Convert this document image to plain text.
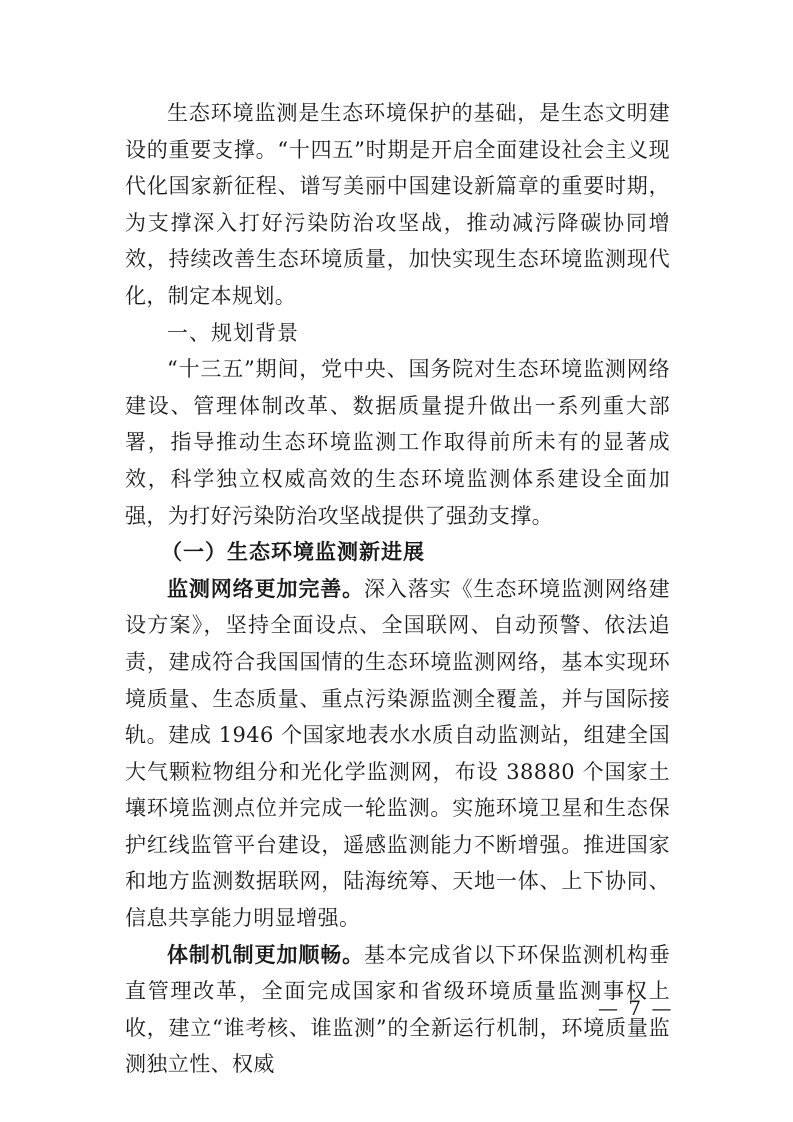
生态环境监测是生态环境保护的基础，是生态文明建设的重要支撑。“十四五”时期是开启全面建设社会主义现代化国家新征程、谱写美丽中国建设新篇章的重要时期，为支撑深入打好污染防治攻坚战，推动减污降碳协同增效，持续改善生态环境质量，加快实现生态环境监测现代化，制定本规划。

一、规划背景

“十三五”期间，党中央、国务院对生态环境监测网络建设、管理体制改革、数据质量提升做出一系列重大部署，指导推动生态环境监测工作取得前所未有的显著成效，科学独立权威高效的生态环境监测体系建设全面加强，为打好污染防治攻坚战提供了强劲支撑。

（一）生态环境监测新进展

监测网络更加完善。深入落实《生态环境监测网络建设方案》，坚持全面设点、全国联网、自动预警、依法追责，建成符合我国国情的生态环境监测网络，基本实现环境质量、生态质量、重点污染源监测全覆盖，并与国际接轨。建成 1946 个国家地表水水质自动监测站，组建全国大气颗粒物组分和光化学监测网，布设 38880 个国家土壤环境监测点位并完成一轮监测。实施环境卫星和生态保护红线监管平台建设，遥感监测能力不断增强。推进国家和地方监测数据联网，陆海统筹、天地一体、上下协同、信息共享能力明显增强。

体制机制更加顺畅。基本完成省以下环保监测机构垂直管理改革，全面完成国家和省级环境质量监测事权上收，建立“谁考核、谁监测”的全新运行机制，环境质量监测独立性、权威

— 7 —
